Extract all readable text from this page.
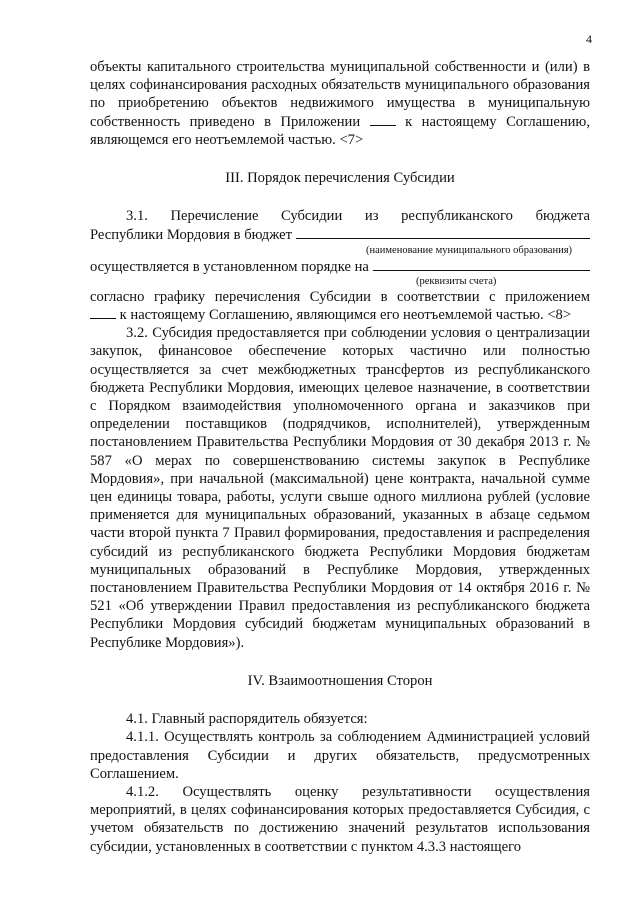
4

объекты капитального строительства муниципальной собственности и (или) в целях софинансирования расходных обязательств муниципального образования по приобретению объектов недвижимого имущества в муниципальную собственность приведено в Приложении	к настоящему Соглашению, являющемся его неотъемлемой частью. <7>

III. Порядок перечисления Субсидии

3.1. Перечисление Субсидии из республиканского бюджета

Республики Мордовия в бюджет

(наименование муниципального образования)

осуществляется в установленном порядке на

(реквизиты счета)

согласно графику перечисления Субсидии в соответствии с приложением

к настоящему Соглашению, являющимся его неотъемлемой частью. <8>

3.2. Субсидия предоставляется при соблюдении условия о централизации закупок, финансовое обеспечение которых частично или полностью осуществляется за счет межбюджетных трансфертов из республиканского бюджета Республики Мордовия, имеющих целевое назначение, в соответствии с Порядком взаимодействия уполномоченного органа и заказчиков при определении поставщиков (подрядчиков, исполнителей), утвержденным постановлением Правительства Республики Мордовия от 30 декабря 2013 г. № 587 «О мерах по совершенствованию системы закупок в Республике Мордовия», при начальной (максимальной) цене контракта, начальной сумме цен единицы товара, работы, услуги свыше одного миллиона рублей (условие применяется для муниципальных образований, указанных в абзаце седьмом части второй пункта 7 Правил формирования, предоставления и распределения субсидий из республиканского бюджета Республики Мордовия бюджетам муниципальных образований в Республике Мордовия, утвержденных постановлением Правительства Республики Мордовия от 14 октября 2016 г. № 521 «Об утверждении Правил предоставления из республиканского бюджета Республики Мордовия субсидий бюджетам муниципальных образований в Республике Мордовия»).

IV. Взаимоотношения Сторон

4.1. Главный распорядитель обязуется:

4.1.1. Осуществлять контроль за соблюдением Администрацией условий предоставления Субсидии и других обязательств, предусмотренных Соглашением.

4.1.2. Осуществлять оценку результативности осуществления мероприятий, в целях софинансирования которых предоставляется Субсидия, с учетом обязательств по достижению значений результатов использования субсидии, установленных в соответствии с пунктом 4.3.3 настоящего
